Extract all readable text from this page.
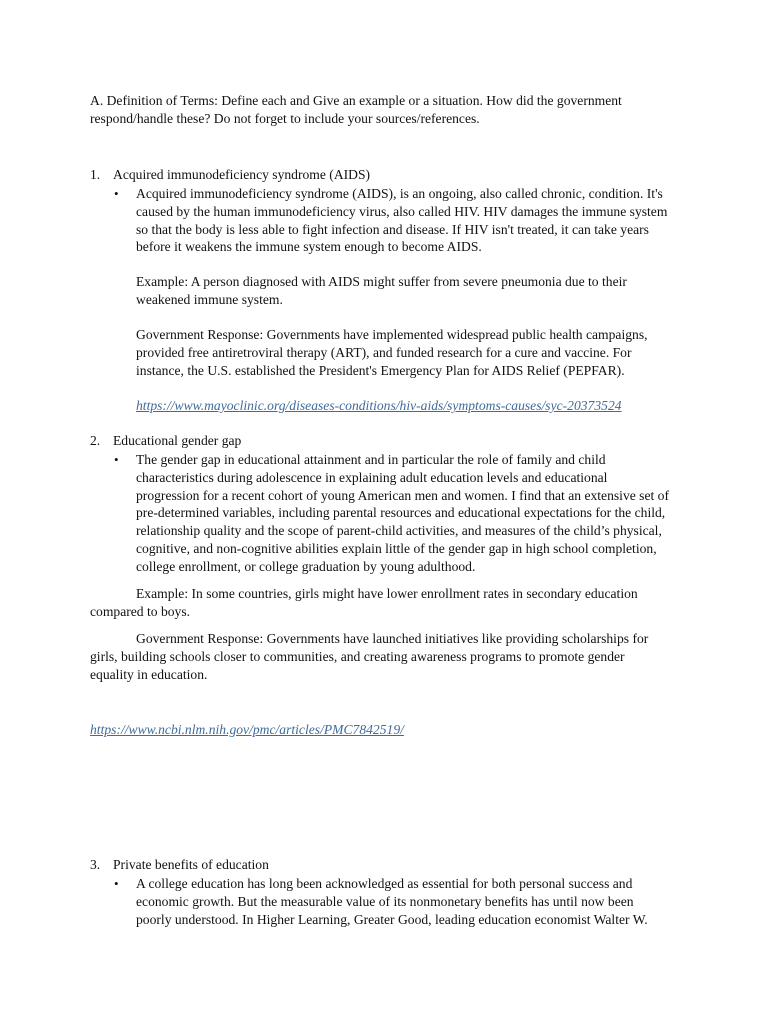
A. Definition of Terms: Define each and Give an example or a situation. How did the government

respond/handle these? Do not forget to include your sources/references.

1. Acquired immunodeficiency syndrome (AIDS)

• Acquired immunodeficiency syndrome (AIDS), is an ongoing, also called chronic, condition. It's

caused by the human immunodeficiency virus, also called HIV. HIV damages the immune system

so that the body is less able to fight infection and disease. If HIV isn't treated, it can take years

before it weakens the immune system enough to become AIDS.

Example: A person diagnosed with AIDS might suffer from severe pneumonia due to their

weakened immune system.

Government Response: Governments have implemented widespread public health campaigns,

provided free antiretroviral therapy (ART), and funded research for a cure and vaccine. For

instance, the U.S. established the President's Emergency Plan for AIDS Relief (PEPFAR).

https://www.mayoclinic.org/diseases-conditions/hiv-aids/symptoms-causes/syc-20373524

2. Educational gender gap

• The gender gap in educational attainment and in particular the role of family and child

characteristics during adolescence in explaining adult education levels and educational

progression for a recent cohort of young American men and women. I find that an extensive set of

pre-determined variables, including parental resources and educational expectations for the child,

relationship quality and the scope of parent-child activities, and measures of the child’s physical,

cognitive, and non-cognitive abilities explain little of the gender gap in high school completion,

college enrollment, or college graduation by young adulthood.

Example: In some countries, girls might have lower enrollment rates in secondary education

compared to boys.

Government Response: Governments have launched initiatives like providing scholarships for

girls, building schools closer to communities, and creating awareness programs to promote gender

equality in education.

https://www.ncbi.nlm.nih.gov/pmc/articles/PMC7842519/

3. Private benefits of education

• A college education has long been acknowledged as essential for both personal success and

economic growth. But the measurable value of its nonmonetary benefits has until now been

poorly understood. In Higher Learning, Greater Good, leading education economist Walter W.
